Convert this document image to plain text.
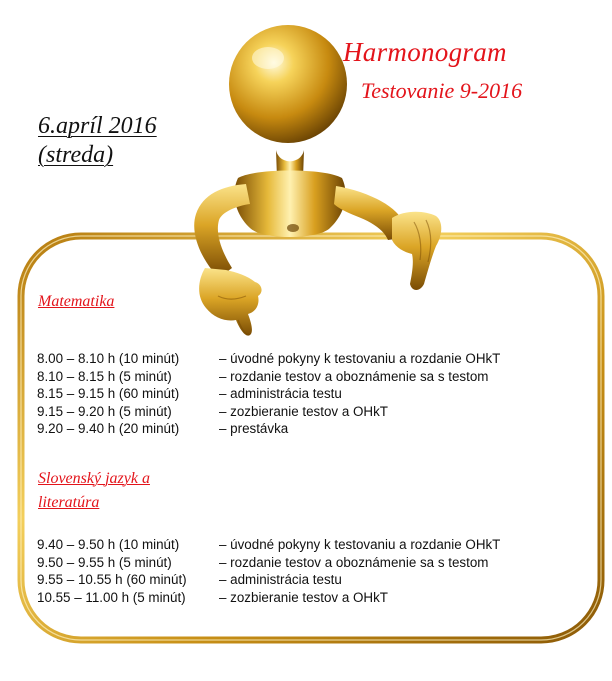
Harmonogram
Testovanie 9-2016
6.apríl 2016
(streda)
Matematika
8.00 – 8.10 h (10 minút)	– úvodné pokyny k testovaniu a rozdanie OHkT
8.10 – 8.15 h (5 minút)	– rozdanie testov a oboznámenie sa s testom
8.15 – 9.15 h (60 minút)	– administrácia testu
9.15 – 9.20 h (5 minút)	– zozbieranie testov a OHkT
9.20 – 9.40 h (20 minút)	– prestávka
Slovenský jazyk a
literatúra
9.40 – 9.50 h (10 minút)	– úvodné pokyny k testovaniu a rozdanie OHkT
9.50 – 9.55 h (5 minút)	– rozdanie testov a oboznámenie sa s testom
9.55 – 10.55 h (60 minút) – administrácia testu
10.55 – 11.00 h (5 minút) – zozbieranie testov a OHkT
